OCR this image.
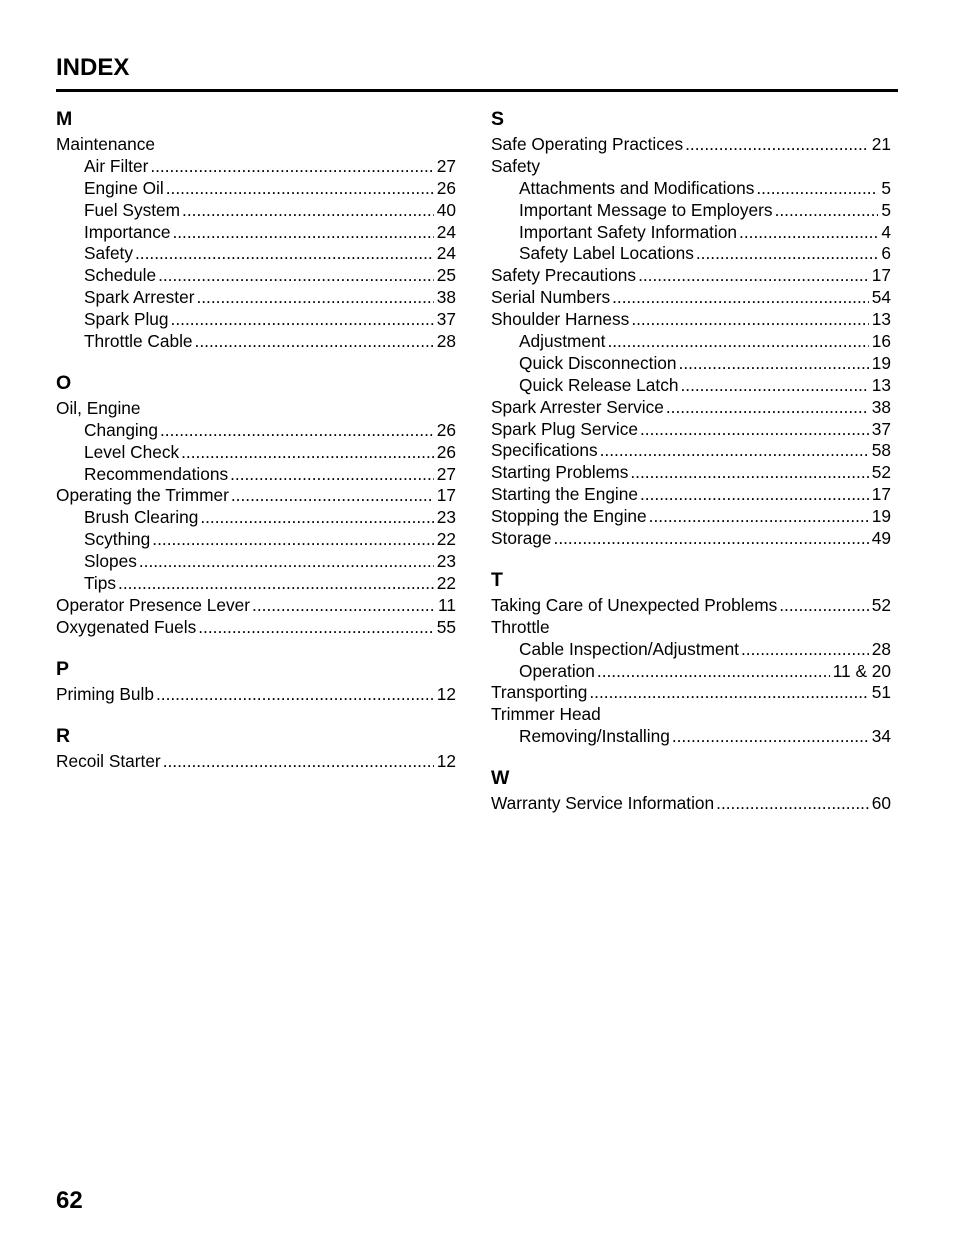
INDEX
M
Maintenance
Air Filter .....	27
Engine Oil .....	26
Fuel System .....	40
Importance .....	24
Safety .....	24
Schedule .....	25
Spark Arrester .....	38
Spark Plug .....	37
Throttle Cable .....	28
O
Oil, Engine
Changing .....	26
Level Check .....	26
Recommendations .....	27
Operating the Trimmer .....	17
Brush Clearing .....	23
Scything .....	22
Slopes .....	23
Tips .....	22
Operator Presence Lever .....	11
Oxygenated Fuels .....	55
P
Priming Bulb .....	12
R
Recoil Starter .....	12
S
Safe Operating Practices .....	21
Safety
Attachments and Modifications .....	5
Important Message to Employers .....	5
Important Safety Information .....	4
Safety Label Locations .....	6
Safety Precautions .....	17
Serial Numbers .....	54
Shoulder Harness .....	13
Adjustment .....	16
Quick Disconnection .....	19
Quick Release Latch .....	13
Spark Arrester Service .....	38
Spark Plug Service .....	37
Specifications .....	58
Starting Problems .....	52
Starting the Engine .....	17
Stopping the Engine .....	19
Storage .....	49
T
Taking Care of Unexpected Problems .....	52
Throttle
Cable Inspection/Adjustment .....	28
Operation .....	11 & 20
Transporting .....	51
Trimmer Head
Removing/Installing .....	34
W
Warranty Service Information .....	60
62
